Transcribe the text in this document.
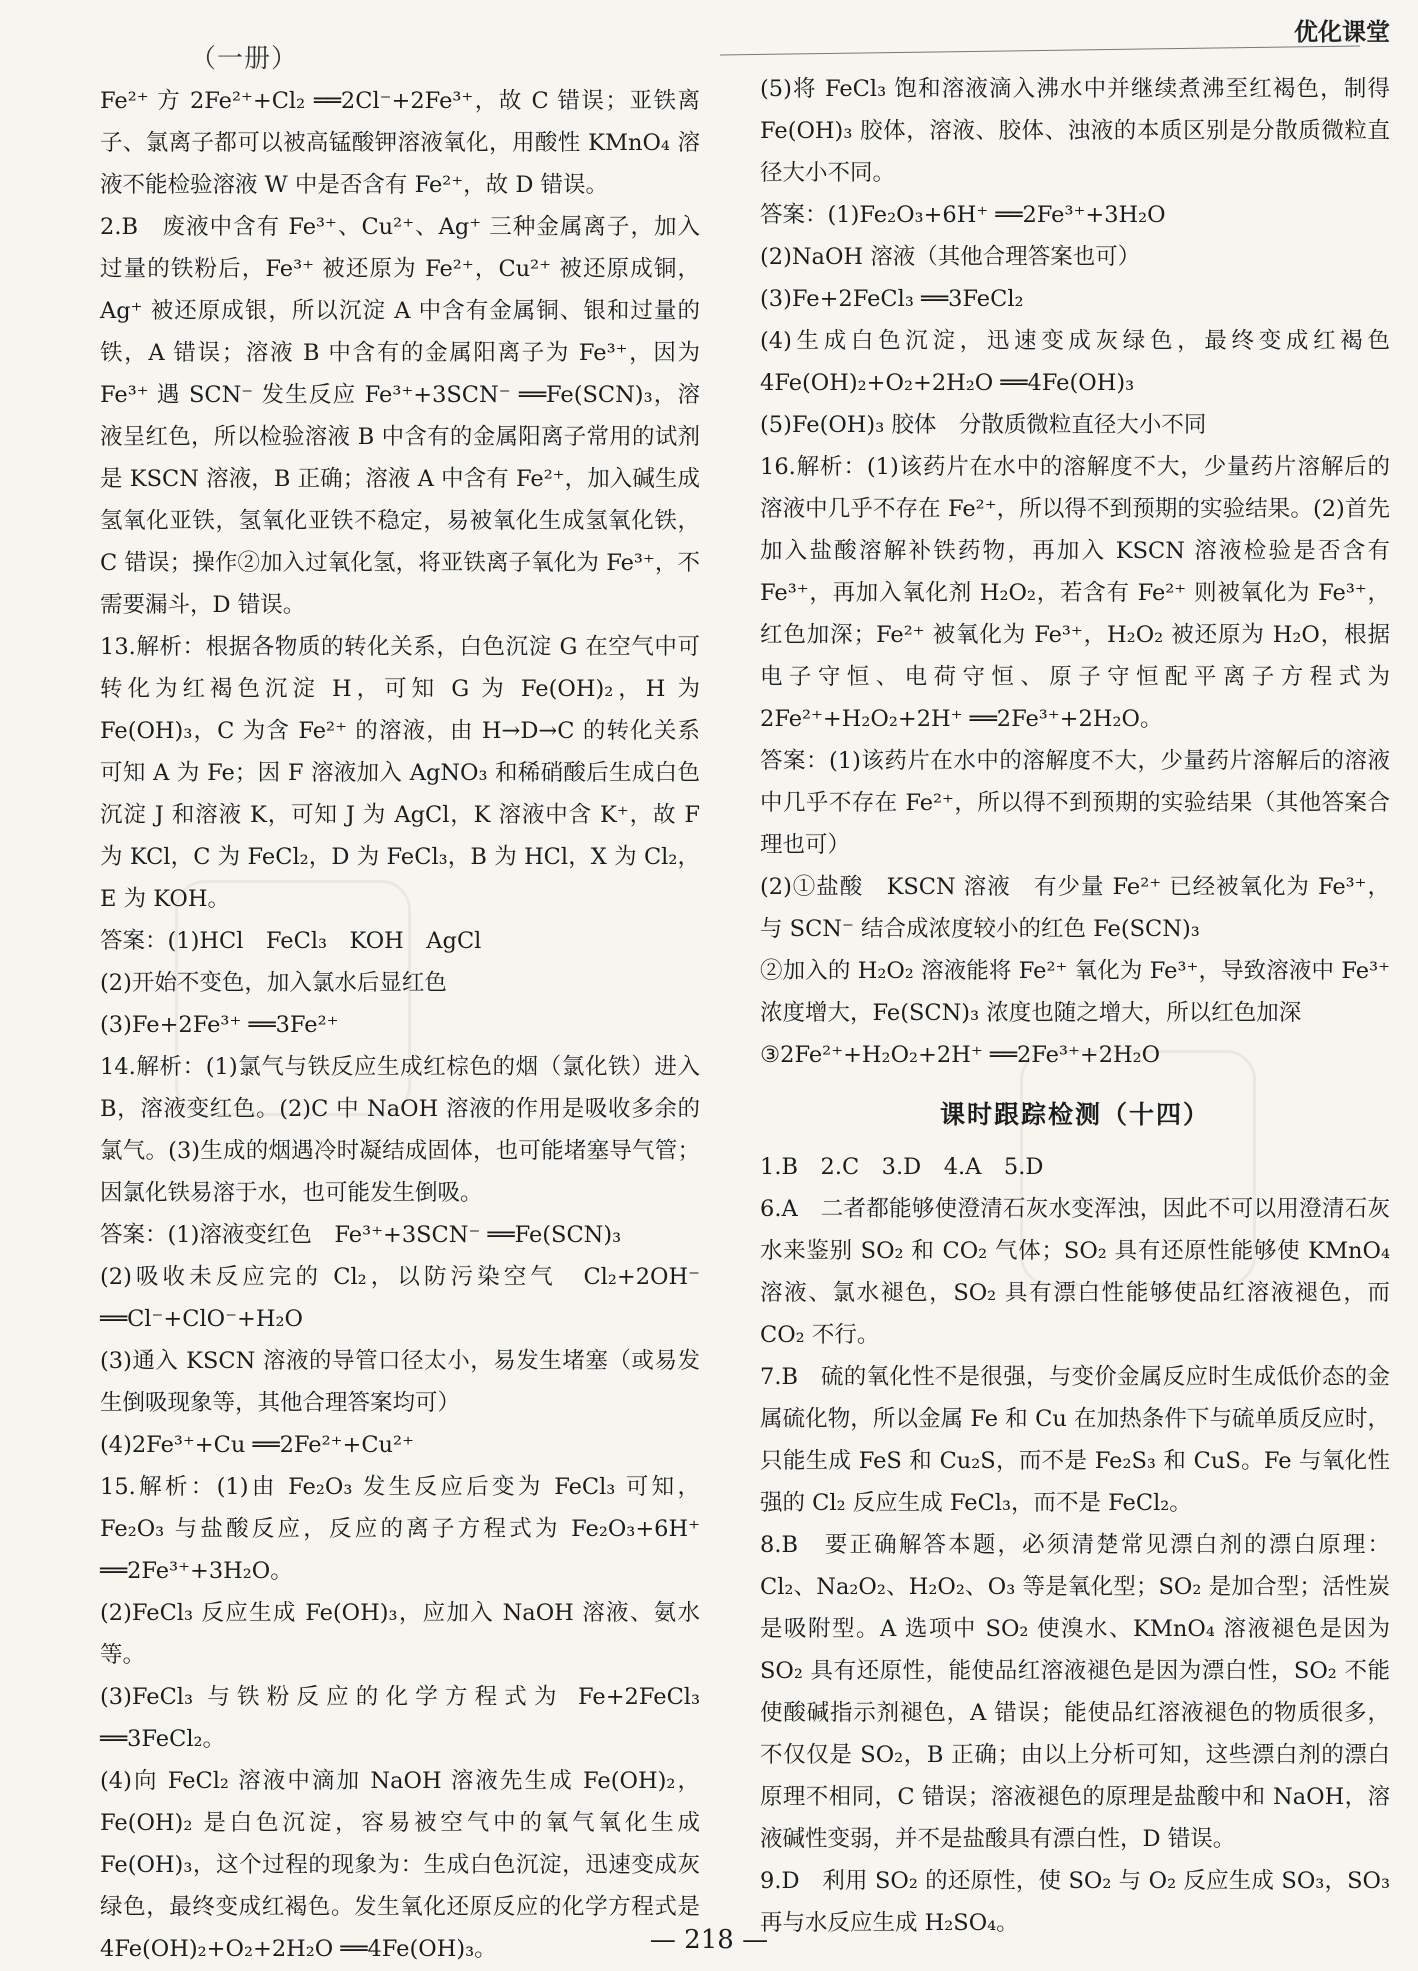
（一册）
优化课堂

Fe²⁺ 方 2Fe²⁺+Cl₂ ══2Cl⁻+2Fe³⁺，故 C 错误；亚铁离子、氯离子都可以被高锰酸钾溶液氧化，用酸性 KMnO₄ 溶液不能检验溶液 W 中是否含有 Fe²⁺，故 D 错误。

2.B　废液中含有 Fe³⁺、Cu²⁺、Ag⁺ 三种金属离子，加入过量的铁粉后，Fe³⁺ 被还原为 Fe²⁺，Cu²⁺ 被还原成铜，Ag⁺ 被还原成银，所以沉淀 A 中含有金属铜、银和过量的铁，A 错误；溶液 B 中含有的金属阳离子为 Fe³⁺，因为 Fe³⁺ 遇 SCN⁻ 发生反应 Fe³⁺+3SCN⁻ ══Fe(SCN)₃，溶液呈红色，所以检验溶液 B 中含有的金属阳离子常用的试剂是 KSCN 溶液，B 正确；溶液 A 中含有 Fe²⁺，加入碱生成氢氧化亚铁，氢氧化亚铁不稳定，易被氧化生成氢氧化铁，C 错误；操作②加入过氧化氢，将亚铁离子氧化为 Fe³⁺，不需要漏斗，D 错误。

13.解析：根据各物质的转化关系，白色沉淀 G 在空气中可转化为红褐色沉淀 H，可知 G 为 Fe(OH)₂，H 为 Fe(OH)₃，C 为含 Fe²⁺ 的溶液，由 H→D→C 的转化关系可知 A 为 Fe；因 F 溶液加入 AgNO₃ 和稀硝酸后生成白色沉淀 J 和溶液 K，可知 J 为 AgCl，K 溶液中含 K⁺，故 F 为 KCl，C 为 FeCl₂，D 为 FeCl₃，B 为 HCl，X 为 Cl₂，E 为 KOH。

答案：(1)HCl　FeCl₃　KOH　AgCl

(2)开始不变色，加入氯水后显红色

(3)Fe+2Fe³⁺ ══3Fe²⁺

14.解析：(1)氯气与铁反应生成红棕色的烟（氯化铁）进入 B，溶液变红色。(2)C 中 NaOH 溶液的作用是吸收多余的氯气。(3)生成的烟遇冷时凝结成固体，也可能堵塞导气管；因氯化铁易溶于水，也可能发生倒吸。

答案：(1)溶液变红色　Fe³⁺+3SCN⁻ ══Fe(SCN)₃

(2)吸收未反应完的 Cl₂，以防污染空气　Cl₂+2OH⁻ ══Cl⁻+ClO⁻+H₂O

(3)通入 KSCN 溶液的导管口径太小，易发生堵塞（或易发生倒吸现象等，其他合理答案均可）

(4)2Fe³⁺+Cu ══2Fe²⁺+Cu²⁺

15.解析：(1)由 Fe₂O₃ 发生反应后变为 FeCl₃ 可知，Fe₂O₃ 与盐酸反应，反应的离子方程式为 Fe₂O₃+6H⁺ ══2Fe³⁺+3H₂O。

(2)FeCl₃ 反应生成 Fe(OH)₃，应加入 NaOH 溶液、氨水等。

(3)FeCl₃ 与铁粉反应的化学方程式为 Fe+2FeCl₃ ══3FeCl₂。

(4)向 FeCl₂ 溶液中滴加 NaOH 溶液先生成 Fe(OH)₂，Fe(OH)₂ 是白色沉淀，容易被空气中的氧气氧化生成 Fe(OH)₃，这个过程的现象为：生成白色沉淀，迅速变成灰绿色，最终变成红褐色。发生氧化还原反应的化学方程式是 4Fe(OH)₂+O₂+2H₂O ══4Fe(OH)₃。

(5)将 FeCl₃ 饱和溶液滴入沸水中并继续煮沸至红褐色，制得 Fe(OH)₃ 胶体，溶液、胶体、浊液的本质区别是分散质微粒直径大小不同。

答案：(1)Fe₂O₃+6H⁺ ══2Fe³⁺+3H₂O

(2)NaOH 溶液（其他合理答案也可）

(3)Fe+2FeCl₃ ══3FeCl₂

(4)生成白色沉淀，迅速变成灰绿色，最终变成红褐色　4Fe(OH)₂+O₂+2H₂O ══4Fe(OH)₃

(5)Fe(OH)₃ 胶体　分散质微粒直径大小不同

16.解析：(1)该药片在水中的溶解度不大，少量药片溶解后的溶液中几乎不存在 Fe²⁺，所以得不到预期的实验结果。(2)首先加入盐酸溶解补铁药物，再加入 KSCN 溶液检验是否含有 Fe³⁺，再加入氧化剂 H₂O₂，若含有 Fe²⁺ 则被氧化为 Fe³⁺，红色加深；Fe²⁺ 被氧化为 Fe³⁺，H₂O₂ 被还原为 H₂O，根据电子守恒、电荷守恒、原子守恒配平离子方程式为 2Fe²⁺+H₂O₂+2H⁺ ══2Fe³⁺+2H₂O。

答案：(1)该药片在水中的溶解度不大，少量药片溶解后的溶液中几乎不存在 Fe²⁺，所以得不到预期的实验结果（其他答案合理也可）

(2)①盐酸　KSCN 溶液　有少量 Fe²⁺ 已经被氧化为 Fe³⁺，与 SCN⁻ 结合成浓度较小的红色 Fe(SCN)₃

②加入的 H₂O₂ 溶液能将 Fe²⁺ 氧化为 Fe³⁺，导致溶液中 Fe³⁺ 浓度增大，Fe(SCN)₃ 浓度也随之增大，所以红色加深

③2Fe²⁺+H₂O₂+2H⁺ ══2Fe³⁺+2H₂O

课时跟踪检测（十四）

1.B　2.C　3.D　4.A　5.D

6.A　二者都能够使澄清石灰水变浑浊，因此不可以用澄清石灰水来鉴别 SO₂ 和 CO₂ 气体；SO₂ 具有还原性能够使 KMnO₄ 溶液、氯水褪色，SO₂ 具有漂白性能够使品红溶液褪色，而 CO₂ 不行。

7.B　硫的氧化性不是很强，与变价金属反应时生成低价态的金属硫化物，所以金属 Fe 和 Cu 在加热条件下与硫单质反应时，只能生成 FeS 和 Cu₂S，而不是 Fe₂S₃ 和 CuS。Fe 与氧化性强的 Cl₂ 反应生成 FeCl₃，而不是 FeCl₂。

8.B　要正确解答本题，必须清楚常见漂白剂的漂白原理：Cl₂、Na₂O₂、H₂O₂、O₃ 等是氧化型；SO₂ 是加合型；活性炭是吸附型。A 选项中 SO₂ 使溴水、KMnO₄ 溶液褪色是因为 SO₂ 具有还原性，能使品红溶液褪色是因为漂白性，SO₂ 不能使酸碱指示剂褪色，A 错误；能使品红溶液褪色的物质很多，不仅仅是 SO₂，B 正确；由以上分析可知，这些漂白剂的漂白原理不相同，C 错误；溶液褪色的原理是盐酸中和 NaOH，溶液碱性变弱，并不是盐酸具有漂白性，D 错误。

9.D　利用 SO₂ 的还原性，使 SO₂ 与 O₂ 反应生成 SO₃，SO₃ 再与水反应生成 H₂SO₄。

— 218 —
